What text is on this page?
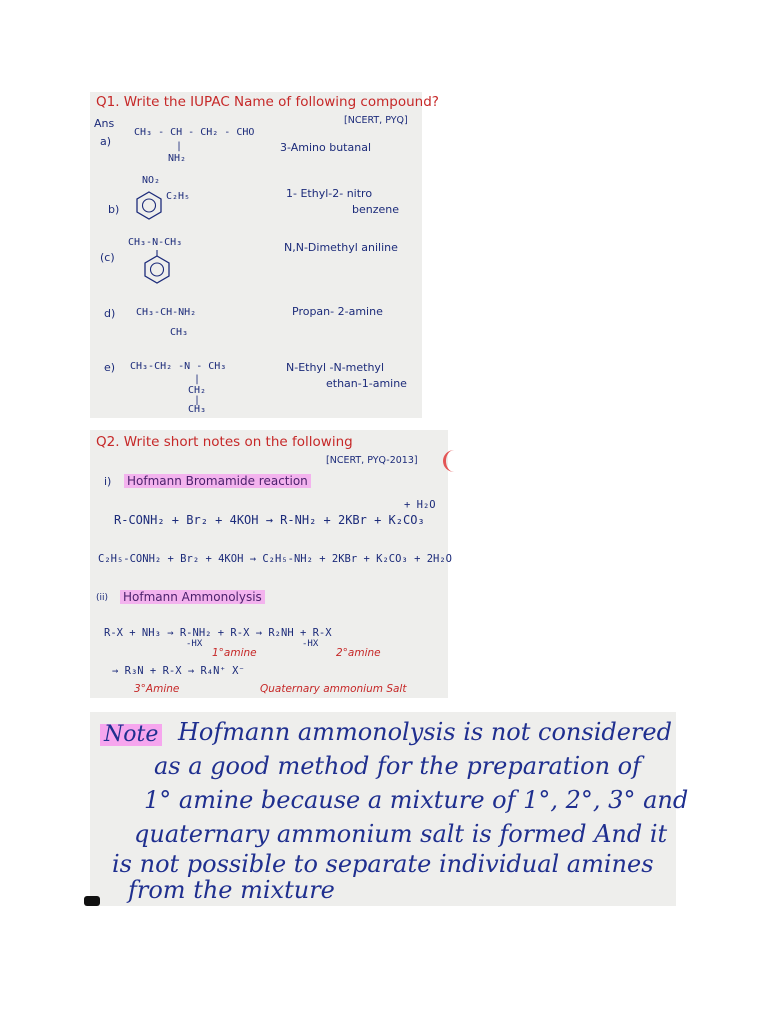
Q1. Write the IUPAC Name of following compound?
[NCERT, PYQ]
Ans
a)
CH₃ - CH - CH₂ - CHO
|
NH₂
3-Amino butanal
NO₂
C₂H₅
b)
1- Ethyl-2- nitro
benzene
CH₃-N-CH₃
(c)
N,N-Dimethyl aniline
d) CH₃-CH-NH₂
CH₃
Propan- 2-amine
e) CH₃-CH₂ -N - CH₃
|
CH₂
|
CH₃
N-Ethyl -N-methyl
ethan-1-amine
Q2. Write short notes on the following
[NCERT, PYQ-2013]
i) Hofmann Bromamide reaction
+ H₂O
R-CONH₂ + Br₂ + 4KOH → R-NH₂ + 2KBr + K₂CO₃
C₂H₅-CONH₂ + Br₂ + 4KOH → C₂H₅-NH₂ + 2KBr + K₂CO₃ + 2H₂O
(ii) Hofmann Ammonolysis
R-X + NH₃ → R-NH₂ + R-X → R₂NH + R-X
-HX	-HX
1°amine	2°amine
→ R₃N + R-X → R₄N⁺ X⁻
3°Amine	Quaternary ammonium Salt
Note Hofmann ammonolysis is not considered
as a good method for the preparation of
1° amine because a mixture of 1°, 2°, 3° and
quaternary ammonium salt is formed And it
is not possible to separate individual amines
from the mixture
